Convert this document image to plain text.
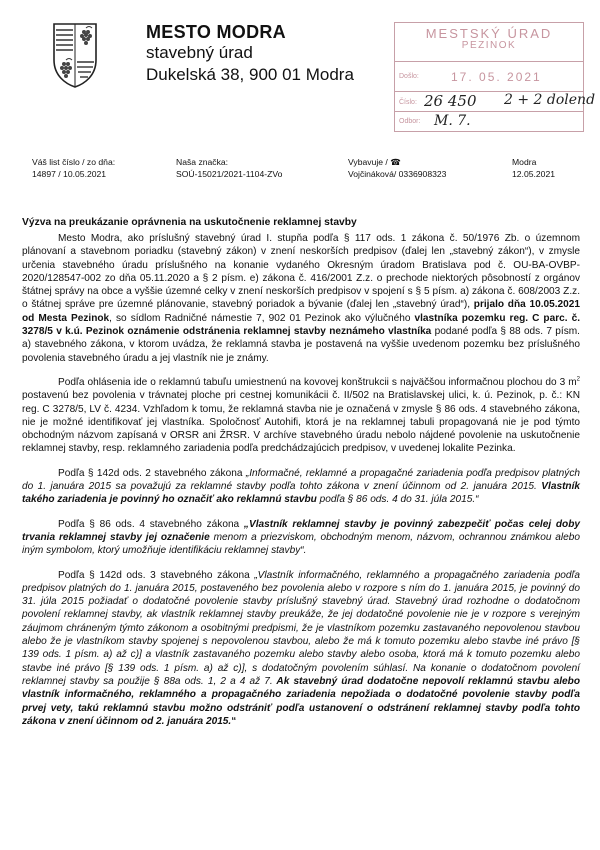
MESTO MODRA
stavebný úrad
Dukelská 38, 900 01 Modra
MESTSKÝ ÚRAD
PEZINOK
Došlo:	17. 05. 2021
Číslo:
Odbor:
26 450 2 + 2 dolend
M. 7.
Váš list číslo / zo dňa:
14897 / 10.05.2021
Naša značka:
SOÚ-15021/2021-1104-ZVo
Vybavuje / ☎
Vojčináková/ 0336908323
Modra
12.05.2021
Výzva na preukázanie oprávnenia na uskutočnenie reklamnej stavby

Mesto Modra, ako príslušný stavebný úrad I. stupňa podľa § 117 ods. 1 zákona č. 50/1976 Zb. o územnom plánovaní a stavebnom poriadku (stavebný zákon) v znení neskorších predpisov (ďalej len „stavebný zákon“), v zmysle určenia stavebného úradu príslušného na konanie vydaného Okresným úradom Bratislava pod č. OU-BA-OVBP-2020/128547-002 zo dňa 05.11.2020 a § 2 písm. e) zákona č. 416/2001 Z.z. o prechode niektorých pôsobností z orgánov štátnej správy na obce a vyššie územné celky v znení neskorších predpisov v spojení s § 5 písm. a) zákona č. 608/2003 Z.z. o štátnej správe pre územné plánovanie, stavebný poriadok a bývanie (ďalej len „stavebný úrad“), prijalo dňa 10.05.2021 od Mesta Pezinok, so sídlom Radničné námestie 7, 902 01 Pezinok ako výlučného vlastníka pozemku reg. C parc. č. 3278/5 v k.ú. Pezinok oznámenie odstránenia reklamnej stavby neznámeho vlastníka podané podľa § 88 ods. 7 písm. a) stavebného zákona, v ktorom uvádza, že reklamná stavba je postavená na vyššie uvedenom pozemku bez príslušného povolenia stavebného úradu a jej vlastník nie je známy.

Podľa ohlásenia ide o reklamnú tabuľu umiestnenú na kovovej konštrukcii s najväčšou informačnou plochou do 3 $m^2$ postavenú bez povolenia v trávnatej ploche pri cestnej komunikácii č. II/502 na Bratislavskej ulici, k. ú. Pezinok, p. č.: KN reg. C 3278/5, LV č. 4234. Vzhľadom k tomu, že reklamná stavba nie je označená v zmysle § 86 ods. 4 stavebného zákona, nie je možné identifikovať jej vlastníka. Spoločnosť Autohifi, ktorá je na reklamnej tabuli propagovaná nie je pod týmto obchodným názvom zapísaná v ORSR ani ŽRSR. V archíve stavebného úradu nebolo nájdené povolenie na uskutočnenie reklamnej stavby, resp. reklamného zariadenia podľa predchádzajúcich predpisov, v uvedenej lokalite Pezinka.

Podľa § 142d ods. 2 stavebného zákona „Informačné, reklamné a propagačné zariadenia podľa predpisov platných do 1. januára 2015 sa považujú za reklamné stavby podľa tohto zákona v znení účinnom od 2. januára 2015. Vlastník takého zariadenia je povinný ho označiť ako reklamnú stavbu podľa § 86 ods. 4 do 31. júla 2015.“

Podľa § 86 ods. 4 stavebného zákona „Vlastník reklamnej stavby je povinný zabezpečiť počas celej doby trvania reklamnej stavby jej označenie menom a priezviskom, obchodným menom, názvom, ochrannou známkou alebo iným symbolom, ktorý umožňuje identifikáciu reklamnej stavby“.

Podľa § 142d ods. 3 stavebného zákona „Vlastník informačného, reklamného a propagačného zariadenia podľa predpisov platných do 1. januára 2015, postaveného bez povolenia alebo v rozpore s ním do 1. januára 2015, je povinný do 31. júla 2015 požiadať o dodatočné povolenie stavby príslušný stavebný úrad. Stavebný úrad rozhodne o dodatočnom povolení reklamnej stavby, ak vlastník reklamnej stavby preukáže, že jej dodatočné povolenie nie je v rozpore s verejným záujmom chráneným týmto zákonom a osobitnými predpismi, že je vlastníkom pozemku zastavaného nepovolenou stavbou alebo že je vlastníkom stavby spojenej s nepovolenou stavbou, alebo že má k tomuto pozemku alebo stavbe iné právo [§ 139 ods. 1 písm. a) až c)] a vlastník zastavaného pozemku alebo stavby alebo osoba, ktorá má k tomuto pozemku alebo stavbe iné právo [§ 139 ods. 1 písm. a) až c)], s dodatočným povolením súhlasí. Na konanie o dodatočnom povolení reklamnej stavby sa použije § 88a ods. 1, 2 a 4 až 7. Ak stavebný úrad dodatočne nepovolí reklamnú stavbu alebo vlastník informačného, reklamného a propagačného zariadenia nepožiada o dodatočné povolenie stavby podľa prvej vety, takú reklamnú stavbu možno odstrániť podľa ustanovení o odstránení reklamnej stavby podľa tohto zákona v znení účinnom od 2. januára 2015.“
